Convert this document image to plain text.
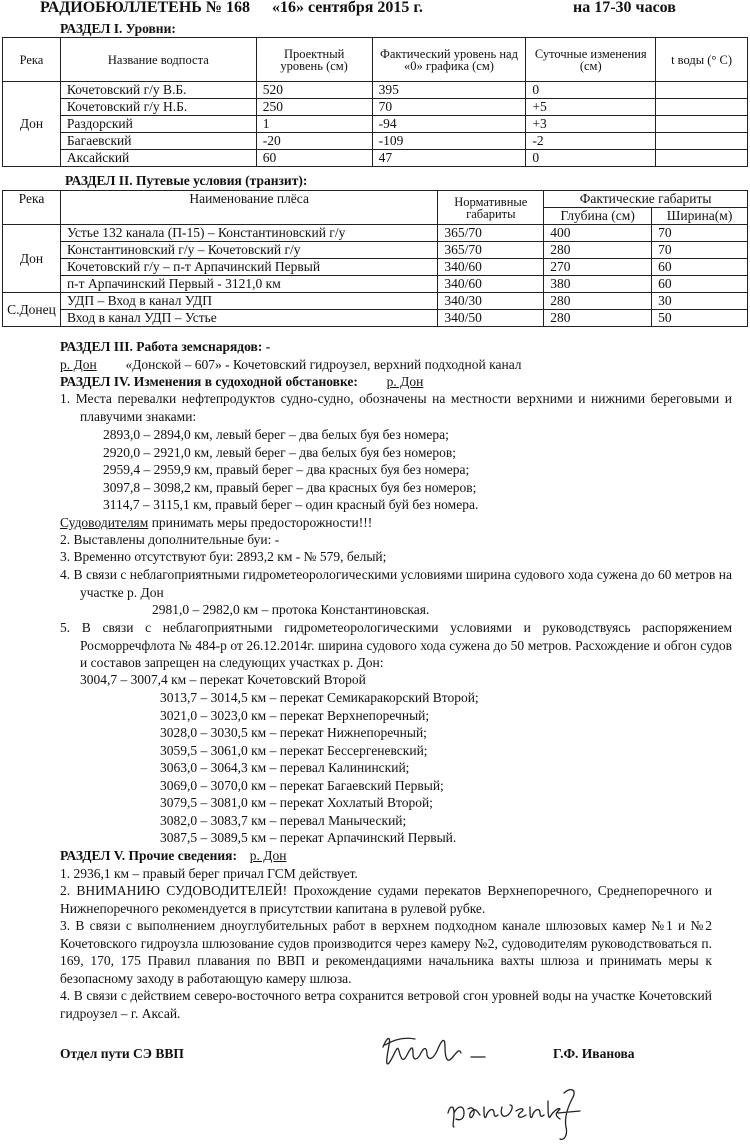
РАДИОБЮЛЛЕТЕНЬ № 168 «16» сентября 2015 г.	на 17-30 часов
РАЗДЕЛ I. Уровни:
Река	Название водпоста	Проектный уровень (см)	Фактический уровень над «0» графика (см)	Суточные изменения (см)	t воды (° С)
Дон	Кочетовский г/у В.Б.	520	395	0	
	Кочетовский г/у Н.Б.	250	70	+5	
	Раздорский	1	-94	+3	
	Багаевский	-20	-109	-2	
	Аксайский	60	47	0	
РАЗДЕЛ II. Путевые условия (транзит):
Река	Наименование плёса	Нормативные габариты	Фактические габариты	
			Глубина (см)	Ширина(м)
Дон	Устье 132 канала (П-15) – Константиновский г/у	365/70	400	70
	Константиновский г/у – Кочетовский г/у	365/70	280	70
	Кочетовский г/у – п-т Арпачинский Первый	340/60	270	60
	п-т Арпачинский Первый - 3121,0 км	340/60	380	60
С.Донец	УДП – Вход в канал УДП	340/30	280	30
	Вход в канал УДП – Устье	340/50	280	50
РАЗДЕЛ III. Работа земснарядов: -
р. Дон «Донской – 607» - Кочетовский гидроузел, верхний подходной канал
РАЗДЕЛ IV. Изменения в судоходной обстановке: р. Дон
1. Места перевалки нефтепродуктов судно-судно, обозначены на местности верхними и нижними береговыми и плавучими знаками:
2893,0 – 2894,0 км, левый берег – два белых буя без номера;
2920,0 – 2921,0 км, левый берег – два белых буя без номеров;
2959,4 – 2959,9 км, правый берег – два красных буя без номера;
3097,8 – 3098,2 км, правый берег – два красных буя без номеров;
3114,7 – 3115,1 км, правый берег – один красный буй без номера.
Судоводителям принимать меры предосторожности!!!
2. Выставлены дополнительные буи: -
3. Временно отсутствуют буи: 2893,2 км - № 579, белый;
4. В связи с неблагоприятными гидрометеорологическими условиями ширина судового хода сужена до 60 метров на участке р. Дон
2981,0 – 2982,0 км – протока Константиновская.
5. В связи с неблагоприятными гидрометеорологическими условиями и руководствуясь распоряжением Росморречфлота № 484-р от 26.12.2014г. ширина судового хода сужена до 50 метров. Расхождение и обгон судов и составов запрещен на следующих участках р. Дон:
3004,7 – 3007,4 км – перекат Кочетовский Второй
3013,7 – 3014,5 км – перекат Семикаракорский Второй;
3021,0 – 3023,0 км – перекат Верхнепоречный;
3028,0 – 3030,5 км – перекат Нижнепоречный;
3059,5 – 3061,0 км – перекат Бессергеневский;
3063,0 – 3064,3 км – перевал Калининский;
3069,0 – 3070,0 км – перекат Багаевский Первый;
3079,5 – 3081,0 км – перекат Хохлатый Второй;
3082,0 – 3083,7 км – перевал Маныческий;
3087,5 – 3089,5 км – перекат Арпачинский Первый.
РАЗДЕЛ V. Прочие сведения: р. Дон
1. 2936,1 км – правый берег причал ГСМ действует.
2. ВНИМАНИЮ СУДОВОДИТЕЛЕЙ! Прохождение судами перекатов Верхнепоречного, Среднепоречного и Нижнепоречного рекомендуется в присутствии капитана в рулевой рубке.
3. В связи с выполнением дноуглубительных работ в верхнем подходном канале шлюзовых камер №1 и №2 Кочетовского гидроузла шлюзование судов производится через камеру №2, судоводителям руководствоваться п. 169, 170, 175 Правил плавания по ВВП и рекомендациями начальника вахты шлюза и принимать меры к безопасному заходу в работающую камеру шлюза.
4. В связи с действием северо-восточного ветра сохранится ветровой сгон уровней воды на участке Кочетовский гидроузел – г. Аксай.
Отдел пути СЭ ВВП	Г.Ф. Иванова
